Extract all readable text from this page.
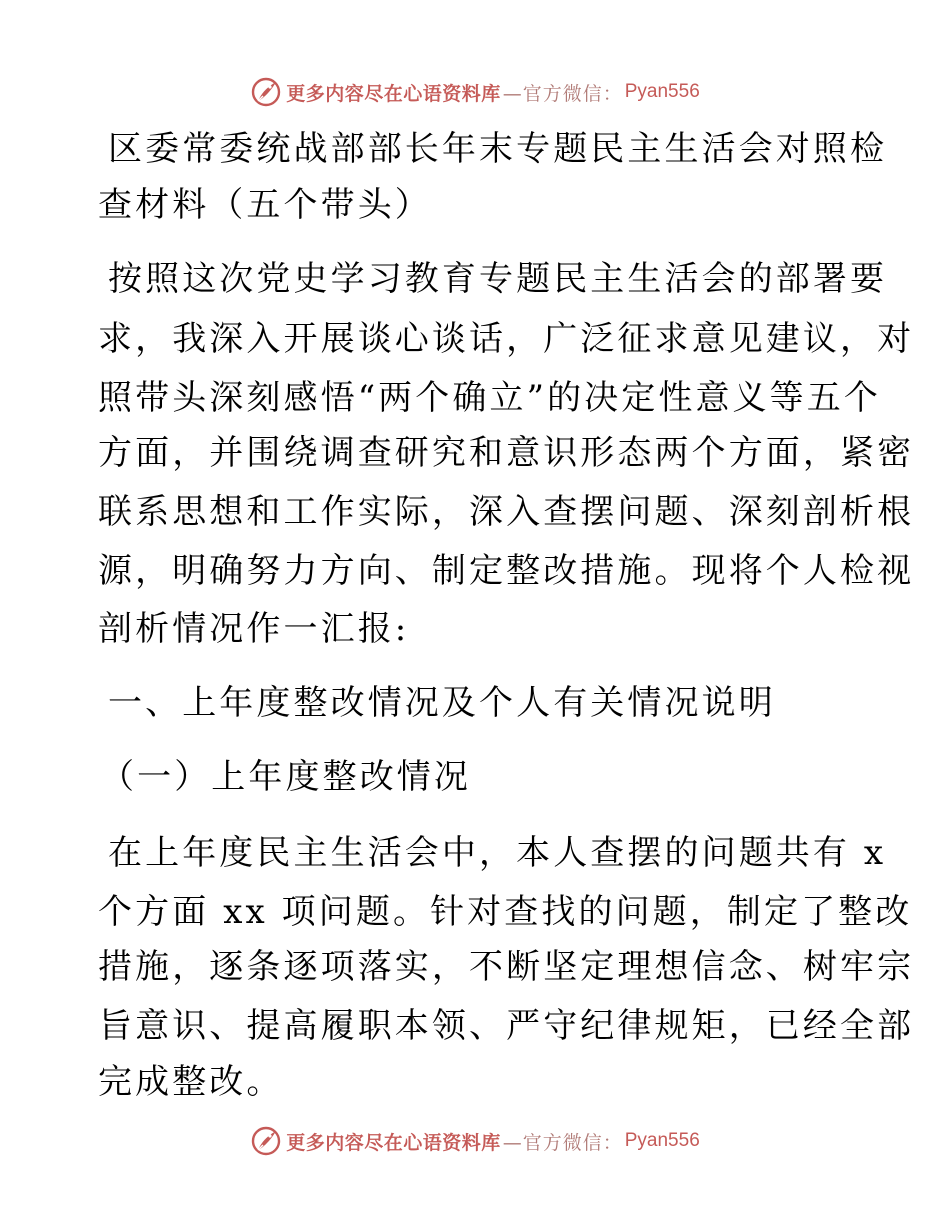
更多内容尽在心语资料库 —官方微信： Pyan556
区委常委统战部部长年末专题民主生活会对照检
查材料（五个带头）
按照这次党史学习教育专题民主生活会的部署要
求，我深入开展谈心谈话，广泛征求意见建议，对
照带头深刻感悟“两个确立”的决定性意义等五个
方面，并围绕调查研究和意识形态两个方面，紧密
联系思想和工作实际，深入查摆问题、深刻剖析根
源，明确努力方向、制定整改措施。现将个人检视
剖析情况作一汇报:
一、上年度整改情况及个人有关情况说明
（一）上年度整改情况
在上年度民主生活会中，本人查摆的问题共有 x
个方面 xx 项问题。针对查找的问题，制定了整改
措施，逐条逐项落实，不断坚定理想信念、树牢宗
旨意识、提高履职本领、严守纪律规矩，已经全部
完成整改。
更多内容尽在心语资料库 —官方微信： Pyan556
